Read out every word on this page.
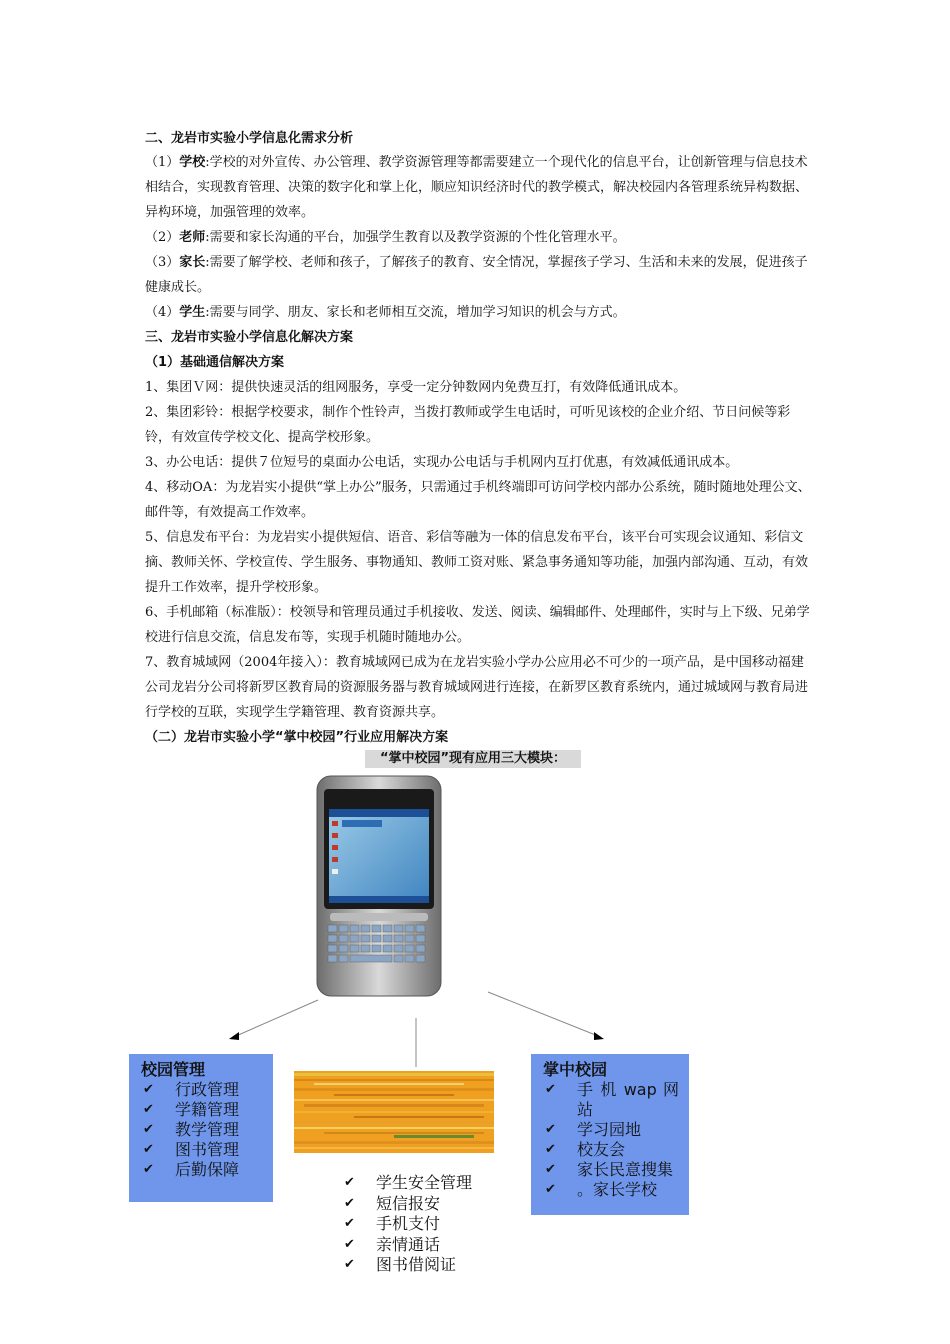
二、龙岩市实验小学信息化需求分析

（1）学校:学校的对外宣传、办公管理、教学资源管理等都需要建立一个现代化的信息平台，让创新管理与信息技术相结合，实现教育管理、决策的数字化和掌上化，顺应知识经济时代的教学模式，解决校园内各管理系统异构数据、异构环境，加强管理的效率。

（2）老师:需要和家长沟通的平台，加强学生教育以及教学资源的个性化管理水平。

（3）家长:需要了解学校、老师和孩子，了解孩子的教育、安全情况，掌握孩子学习、生活和未来的发展，促进孩子健康成长。

（4）学生:需要与同学、朋友、家长和老师相互交流，增加学习知识的机会与方式。

三、龙岩市实验小学信息化解决方案

（1）基础通信解决方案

1、集团Ｖ网：提供快速灵活的组网服务，享受一定分钟数网内免费互打，有效降低通讯成本。

2、集团彩铃：根据学校要求，制作个性铃声，当拨打教师或学生电话时，可听见该校的企业介绍、节日问候等彩铃，有效宣传学校文化、提高学校形象。

3、办公电话：提供７位短号的桌面办公电话，实现办公电话与手机网内互打优惠，有效减低通讯成本。

4、移动OA：为龙岩实小提供“掌上办公”服务，只需通过手机终端即可访问学校内部办公系统，随时随地处理公文、邮件等，有效提高工作效率。

5、信息发布平台：为龙岩实小提供短信、语音、彩信等融为一体的信息发布平台，该平台可实现会议通知、彩信文摘、教师关怀、学校宣传、学生服务、事物通知、教师工资对账、紧急事务通知等功能，加强内部沟通、互动，有效提升工作效率，提升学校形象。

6、手机邮箱（标准版）：校领导和管理员通过手机接收、发送、阅读、编辑邮件、处理邮件，实时与上下级、兄弟学校进行信息交流，信息发布等，实现手机随时随地办公。

7、教育城域网（2004年接入）：教育城域网已成为在龙岩实验小学办公应用必不可少的一项产品，是中国移动福建公司龙岩分公司将新罗区教育局的资源服务器与教育城域网进行连接，在新罗区教育系统内，通过城域网与教育局进行学校的互联，实现学生学籍管理、教育资源共享。

（二）龙岩市实验小学“掌中校园”行业应用解决方案

“掌中校园”现有应用三大模块：
校园管理
✔ 行政管理
✔ 学籍管理
✔ 教学管理
✔ 图书管理
✔ 后勤保障
✔ 学生安全管理
✔ 短信报安
✔ 手机支付
✔ 亲情通话
✔ 图书借阅证
掌中校园
✔ 手 机 wap 网站
✔ 学习园地
✔ 校友会
✔ 家长民意搜集
✔ 。家长学校
